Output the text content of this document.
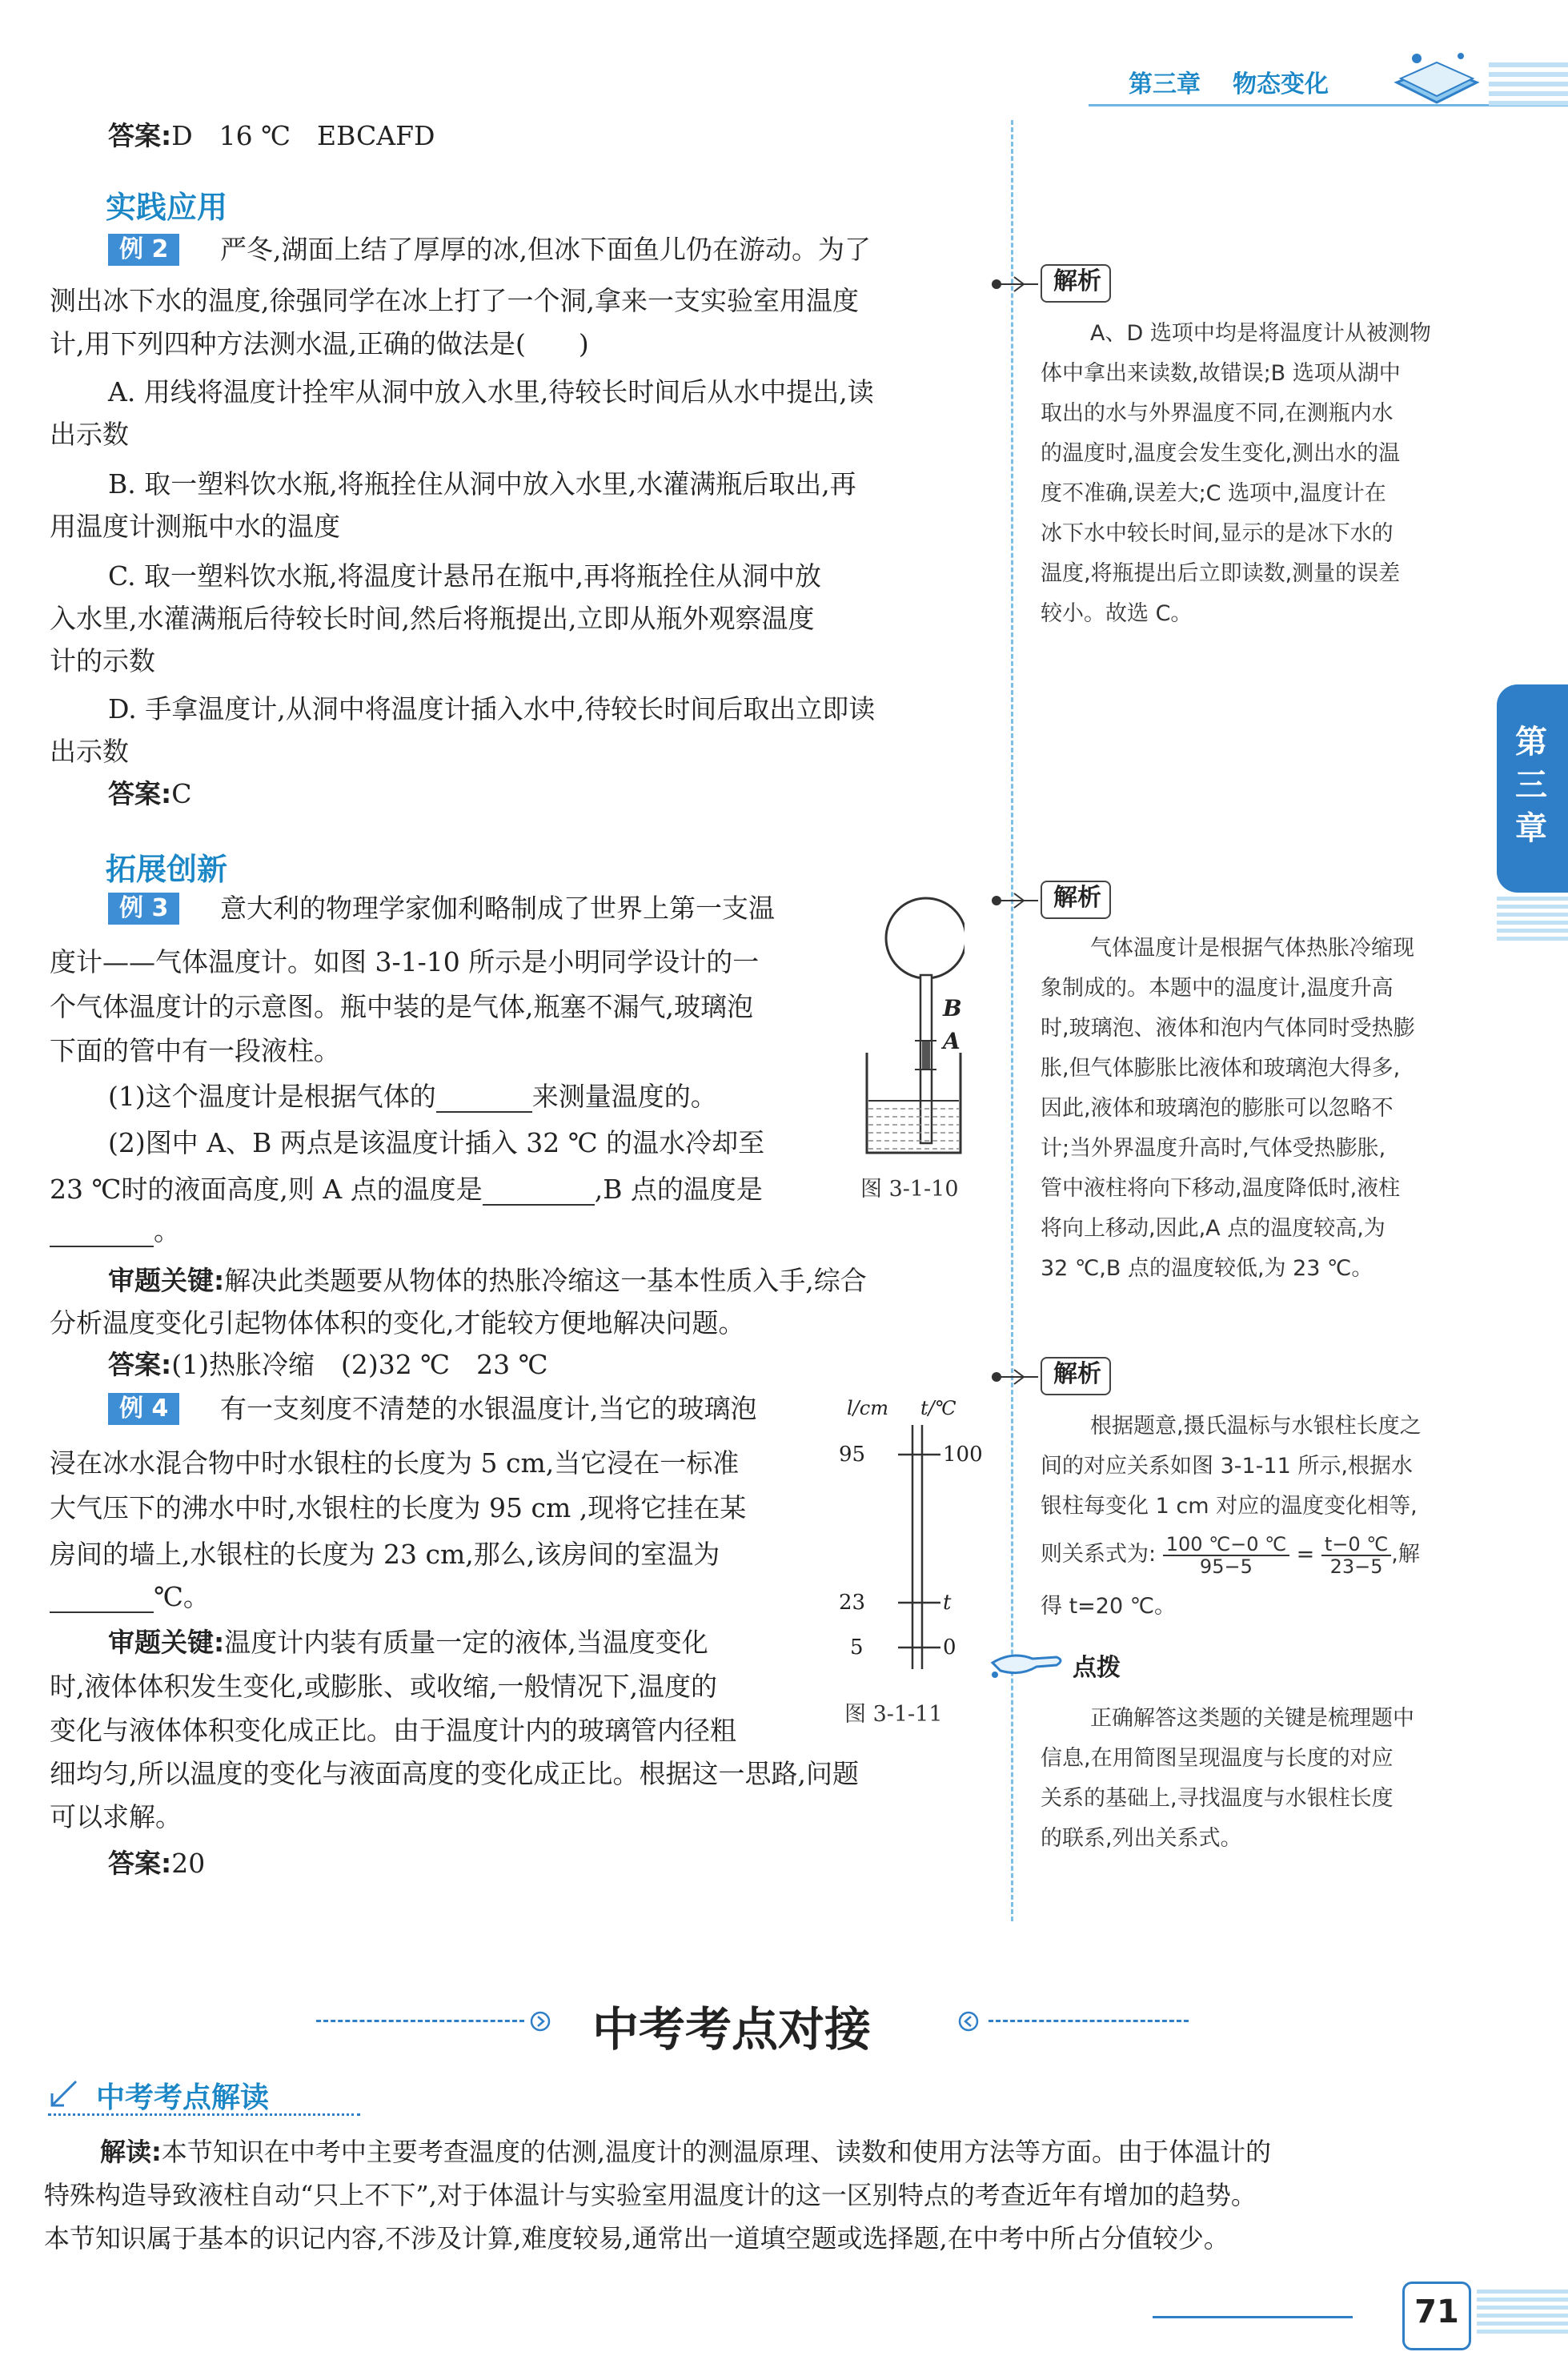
第三章 物态变化
第三章
答案:D　16 ℃　EBCAFD
实践应用
例 2	严冬,湖面上结了厚厚的冰,但冰下面鱼儿仍在游动。为了
测出冰下水的温度,徐强同学在冰上打了一个洞,拿来一支实验室用温度
计,用下列四种方法测水温,正确的做法是(　　)
A. 用线将温度计拴牢从洞中放入水里,待较长时间后从水中提出,读
出示数
B. 取一塑料饮水瓶,将瓶拴住从洞中放入水里,水灌满瓶后取出,再
用温度计测瓶中水的温度
C. 取一塑料饮水瓶,将温度计悬吊在瓶中,再将瓶拴住从洞中放
入水里,水灌满瓶后待较长时间,然后将瓶提出,立即从瓶外观察温度
计的示数
D. 手拿温度计,从洞中将温度计插入水中,待较长时间后取出立即读
出示数
答案:C
拓展创新
例 3	意大利的物理学家伽利略制成了世界上第一支温
度计——气体温度计。如图 3-1-10 所示是小明同学设计的一
个气体温度计的示意图。瓶中装的是气体,瓶塞不漏气,玻璃泡
下面的管中有一段液柱。
(1)这个温度计是根据气体的	来测量温度的。
(2)图中 A、B 两点是该温度计插入 32 ℃ 的温水冷却至
23 ℃时的液面高度,则 A 点的温度是	,B 点的温度是
。
图 3-1-10
B
A
审题关键:解决此类题要从物体的热胀冷缩这一基本性质入手,综合
分析温度变化引起物体体积的变化,才能较方便地解决问题。
答案:(1)热胀冷缩　(2)32 ℃　23 ℃
例 4	有一支刻度不清楚的水银温度计,当它的玻璃泡
浸在冰水混合物中时水银柱的长度为 5 cm,当它浸在一标准
大气压下的沸水中时,水银柱的长度为 95 cm ,现将它挂在某
房间的墙上,水银柱的长度为 23 cm,那么,该房间的室温为
℃。
审题关键:温度计内装有质量一定的液体,当温度变化
时,液体体积发生变化,或膨胀、或收缩,一般情况下,温度的
变化与液体体积变化成正比。由于温度计内的玻璃管内径粗
细均匀,所以温度的变化与液面高度的变化成正比。根据这一思路,问题
可以求解。
答案:20
l/cm t/℃
95	100
23	t
5	0
图 3-1-11
解析
A、D 选项中均是将温度计从被测物
体中拿出来读数,故错误;B 选项从湖中
取出的水与外界温度不同,在测瓶内水
的温度时,温度会发生变化,测出水的温
度不准确,误差大;C 选项中,温度计在
冰下水中较长时间,显示的是冰下水的
温度,将瓶提出后立即读数,测量的误差
较小。故选 C。
解析
气体温度计是根据气体热胀冷缩现
象制成的。本题中的温度计,温度升高
时,玻璃泡、液体和泡内气体同时受热膨
胀,但气体膨胀比液体和玻璃泡大得多,
因此,液体和玻璃泡的膨胀可以忽略不
计;当外界温度升高时,气体受热膨胀,
管中液柱将向下移动,温度降低时,液柱
将向上移动,因此,A 点的温度较高,为
32 ℃,B 点的温度较低,为 23 ℃。
解析
根据题意,摄氏温标与水银柱长度之
间的对应关系如图 3-1-11 所示,根据水
银柱每变化 1 cm 对应的温度变化相等,
则关系式为: $\frac{100 ℃-0 ℃}{95-5} = \frac{t-0 ℃}{23-5}$ ,解
得 t=20 ℃。
点拨
正确解答这类题的关键是梳理题中
信息,在用简图呈现温度与长度的对应
关系的基础上,寻找温度与水银柱长度
的联系,列出关系式。
中考考点对接
中考考点解读
解读:本节知识在中考中主要考查温度的估测,温度计的测温原理、读数和使用方法等方面。由于体温计的
特殊构造导致液柱自动“只上不下”,对于体温计与实验室用温度计的这一区别特点的考查近年有增加的趋势。
本节知识属于基本的识记内容,不涉及计算,难度较易,通常出一道填空题或选择题,在中考中所占分值较少。
71
